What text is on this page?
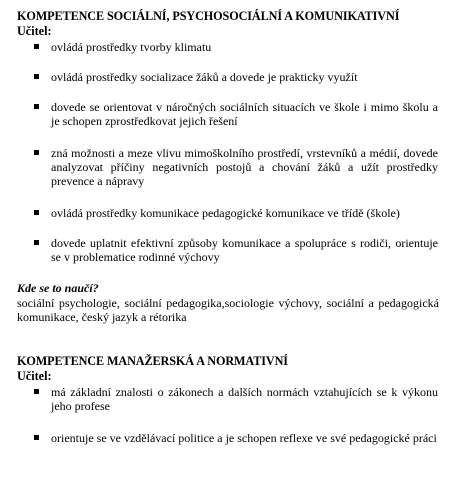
KOMPETENCE SOCIÁLNÍ, PSYCHOSOCIÁLNÍ A KOMUNIKATIVNÍ
Učitel:
ovládá prostředky tvorby klimatu
ovládá prostředky socializace žáků a dovede je prakticky využít
dovede se orientovat v náročných sociálních situacích ve škole i mimo školu a je schopen zprostředkovat jejich řešení
zná možnosti a meze vlivu mimoškolního prostředí, vrstevníků a médií, dovede analyzovat příčiny negativních postojů a chování žáků a užít prostředky prevence a nápravy
ovládá prostředky komunikace pedagogické komunikace ve třídě (škole)
dovede uplatnit efektivní způsoby komunikace a spolupráce s rodiči, orientuje se v problematice rodinné výchovy
Kde se to naučí?
sociální psychologie, sociální pedagogika,sociologie výchovy, sociální a pedagogická komunikace, český jazyk a rétorika
KOMPETENCE MANAŽERSKÁ A NORMATIVNÍ
Učitel:
má základní znalosti o zákonech a dalších normách vztahujících se k výkonu jeho profese
orientuje se ve vzdělávací politice a je schopen reflexe ve své pedagogické práci
